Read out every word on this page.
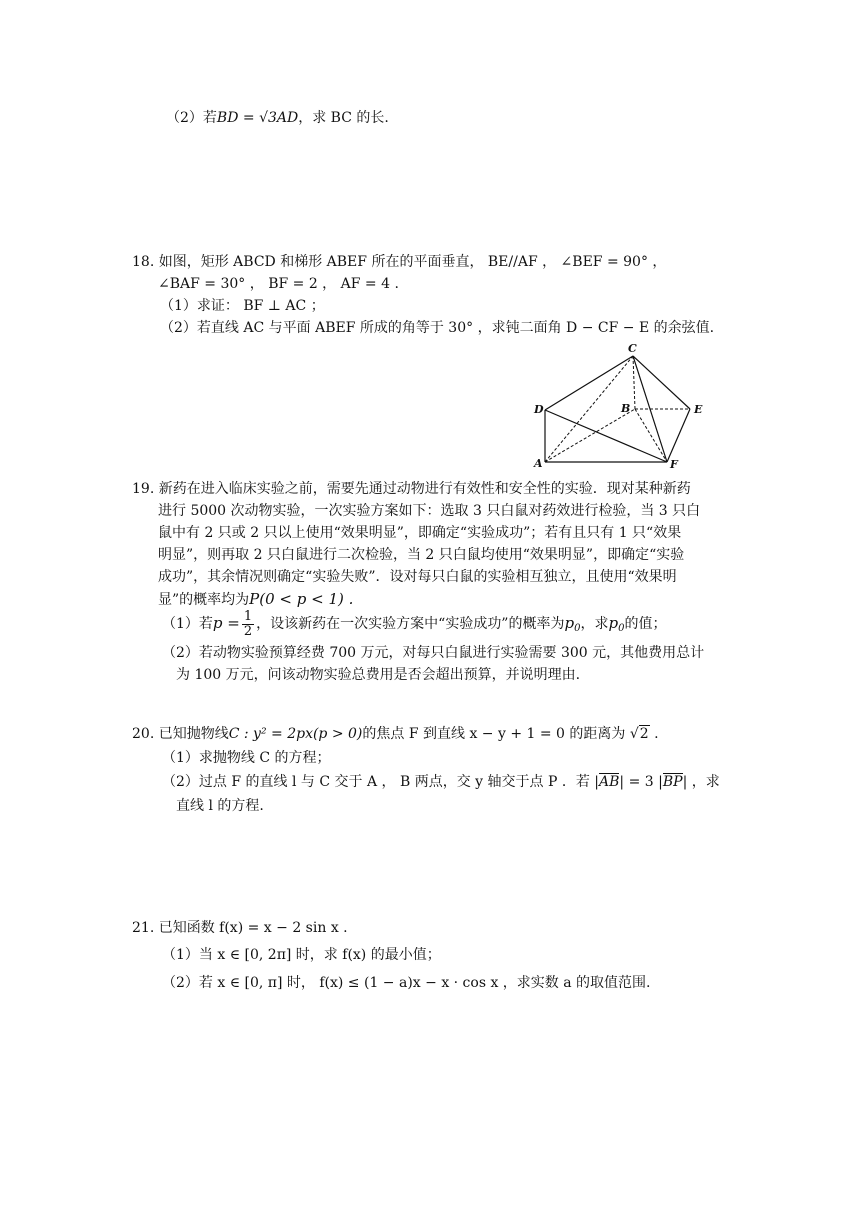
（2）若BD = √3AD，求 BC 的长.
18. 如图，矩形 ABCD 和梯形 ABEF 所在的平面垂直， BE//AF ， ∠BEF = 90° ，
∠BAF = 30° ， BF = 2 ， AF = 4 .
（1）求证： BF ⊥ AC ；
（2）若直线 AC 与平面 ABEF 所成的角等于 30° ，求钝二面角 D − CF − E 的余弦值.
C
D	B	E
A	F
19. 新药在进入临床实验之前，需要先通过动物进行有效性和安全性的实验．现对某种新药
进行 5000 次动物实验，一次实验方案如下：选取 3 只白鼠对药效进行检验，当 3 只白
鼠中有 2 只或 2 只以上使用“效果明显”，即确定“实验成功”；若有且只有 1 只“效果
明显”，则再取 2 只白鼠进行二次检验，当 2 只白鼠均使用“效果明显”，即确定“实验
成功”，其余情况则确定“实验失败”．设对每只白鼠的实验相互独立，且使用“效果明
显”的概率均为P(0 < p < 1) .
（1）若$p = \frac{1}{2}$ ，设该新药在一次实验方案中“实验成功”的概率为$p_0$，求$p_0$的值；
（2）若动物实验预算经费 700 万元，对每只白鼠进行实验需要 300 元，其他费用总计
为 100 万元，问该动物实验总费用是否会超出预算，并说明理由.
20. 已知抛物线C : y² = 2px(p > 0)的焦点 F 到直线 x − y + 1 = 0 的距离为 √2 .
（1）求抛物线 C 的方程；
（2）过点 F 的直线 l 与 C 交于 A ， B 两点，交 y 轴交于点 P ．若 |AB| = 3 |BP| ，求
直线 l 的方程.
21. 已知函数 f(x) = x − 2 sin x .
（1）当 x ∈ [0, 2π] 时，求 f(x) 的最小值；
（2）若 x ∈ [0, π] 时， f(x) ≤ (1 − a)x − x · cos x ，求实数 a 的取值范围.
